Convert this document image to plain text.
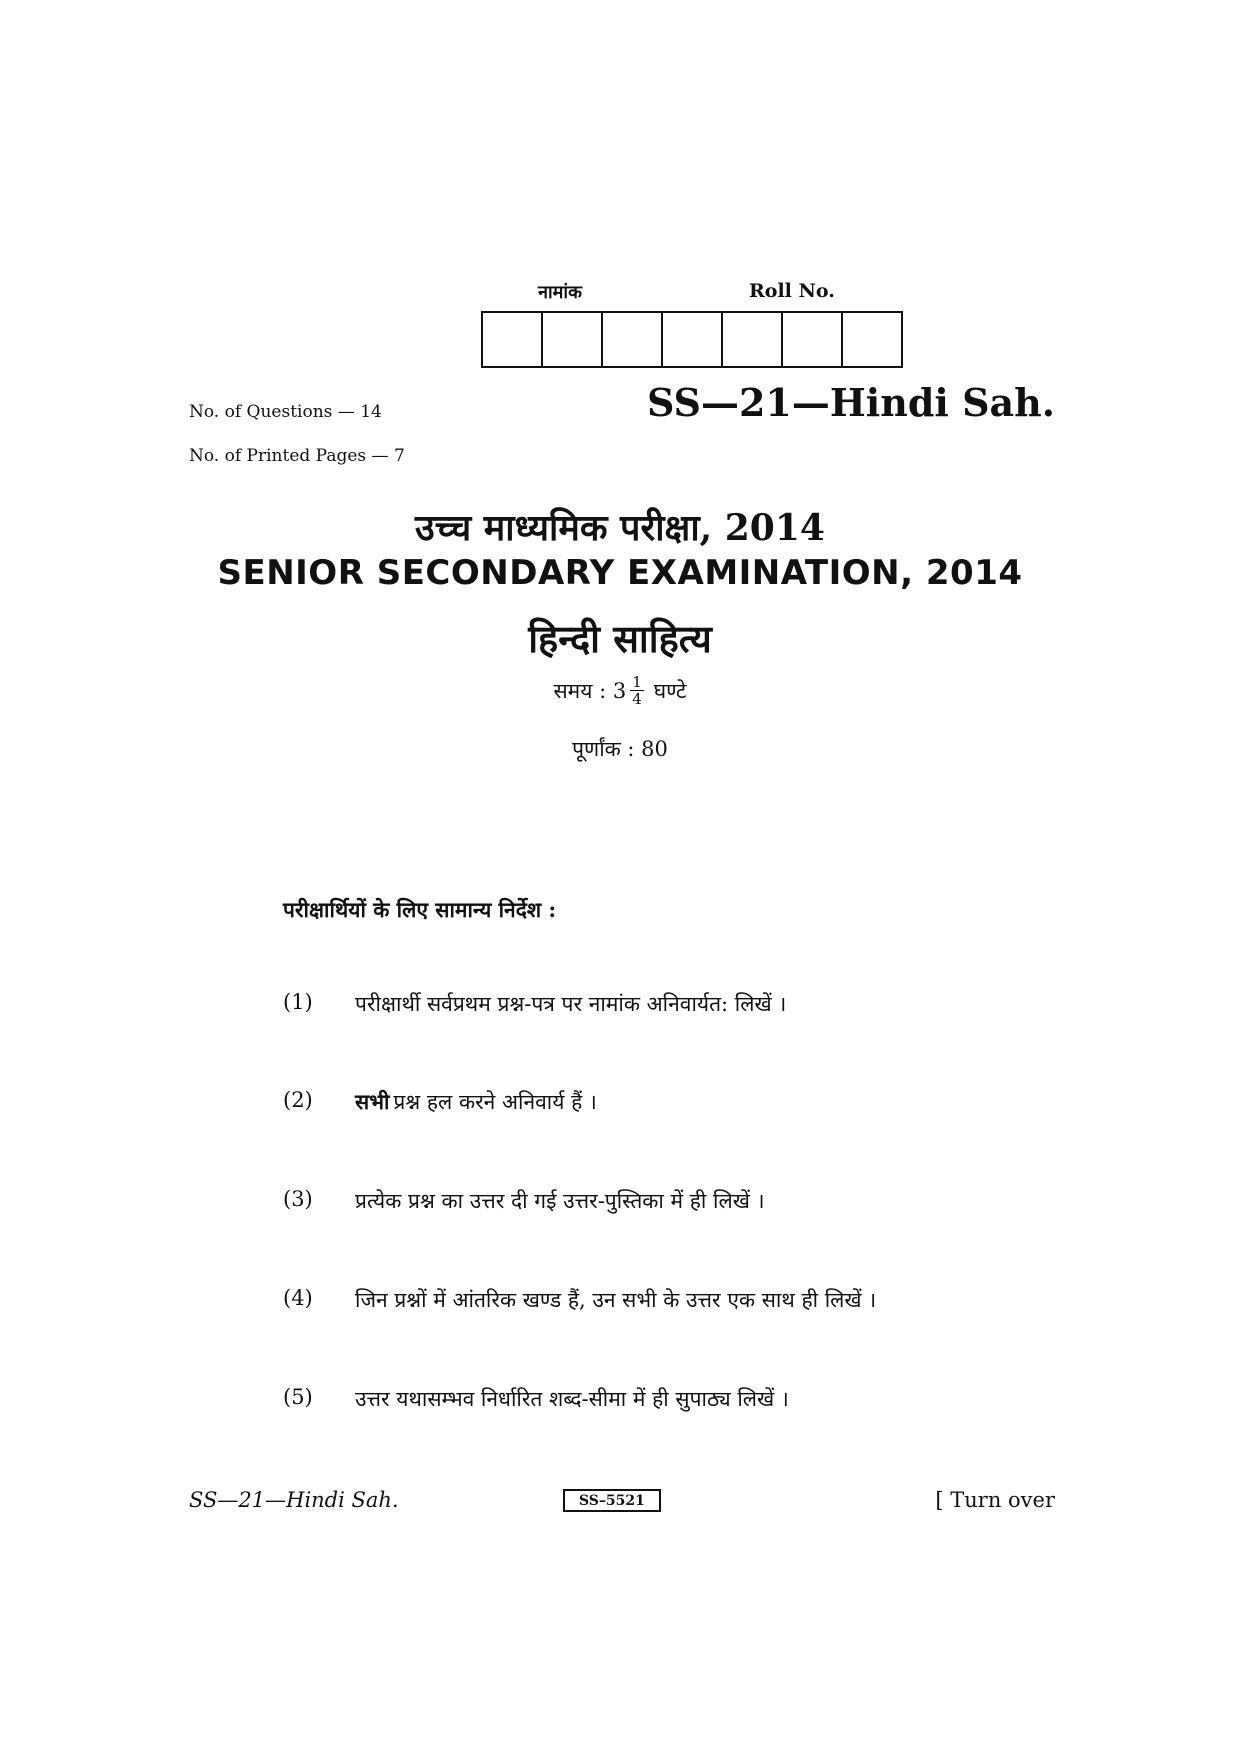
नामांक	Roll No.
No. of Questions — 14
No. of Printed Pages — 7
SS—21—Hindi Sah.
उच्च माध्यमिक परीक्षा, 2014
SENIOR SECONDARY EXAMINATION, 2014
हिन्दी साहित्य
समय : $3 \frac{1}{4}$ घण्टे
पूर्णांक : 80
परीक्षार्थियों के लिए सामान्य निर्देश :
(1)	परीक्षार्थी सर्वप्रथम प्रश्न-पत्र पर नामांक अनिवार्यत: लिखें ।
(2)	सभी प्रश्न हल करने अनिवार्य हैं ।
(3)	प्रत्येक प्रश्न का उत्तर दी गई उत्तर-पुस्तिका में ही लिखें ।
(4)	जिन प्रश्नों में आंतरिक खण्ड हैं, उन सभी के उत्तर एक साथ ही लिखें ।
(5)	उत्तर यथासम्भव निर्धारित शब्द-सीमा में ही सुपाठ्य लिखें ।
SS—21—Hindi Sah.	SS–5521	[ Turn over
